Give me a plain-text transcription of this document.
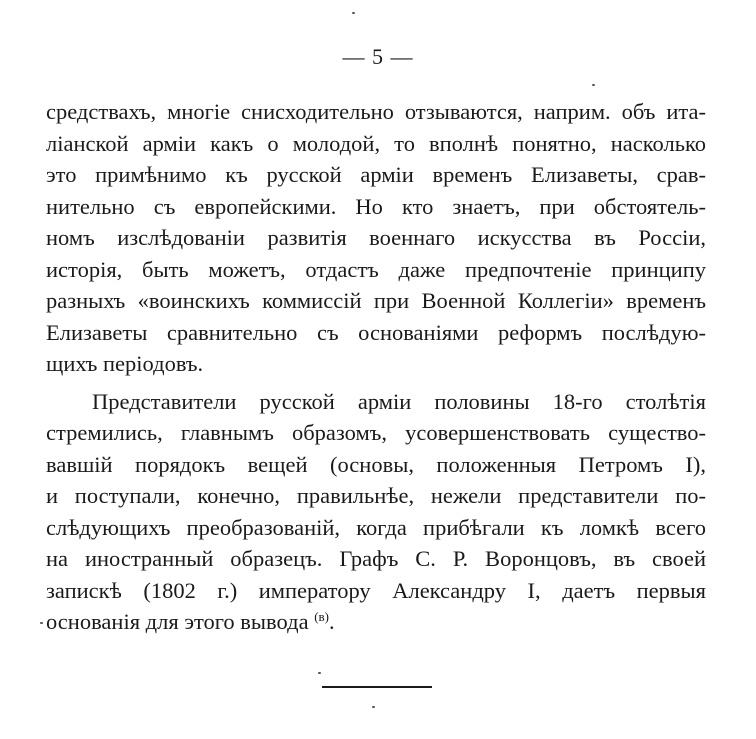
— 5 —
средствахъ, многіе снисходительно отзываются, наприм. объ ита-
ліанской арміи какъ о молодой, то вполнѣ понятно, насколько
это примѣнимо къ русской арміи временъ Елизаветы, срав-
нительно съ европейскими. Но кто знаетъ, при обстоятель-
номъ изслѣдованіи развитія военнаго искусства въ Россіи,
исторія, быть можетъ, отдастъ даже предпочтеніе принципу
разныхъ «воинскихъ коммиссій при Военной Коллегіи» временъ
Елизаветы сравнительно съ основаніями реформъ послѣдую-
щихъ періодовъ.
Представители русской арміи половины 18-го столѣтія
стремились, главнымъ образомъ, усовершенствовать существо-
вавшій порядокъ вещей (основы, положенныя Петромъ I),
и поступали, конечно, правильнѣе, нежели представители по-
слѣдующихъ преобразованій, когда прибѣгали къ ломкѣ всего
на иностранный образецъ. Графъ С. Р. Воронцовъ, въ своей
запискѣ (1802 г.) императору Александру I, даетъ первыя
основанія для этого вывода $^{(в)}$.
